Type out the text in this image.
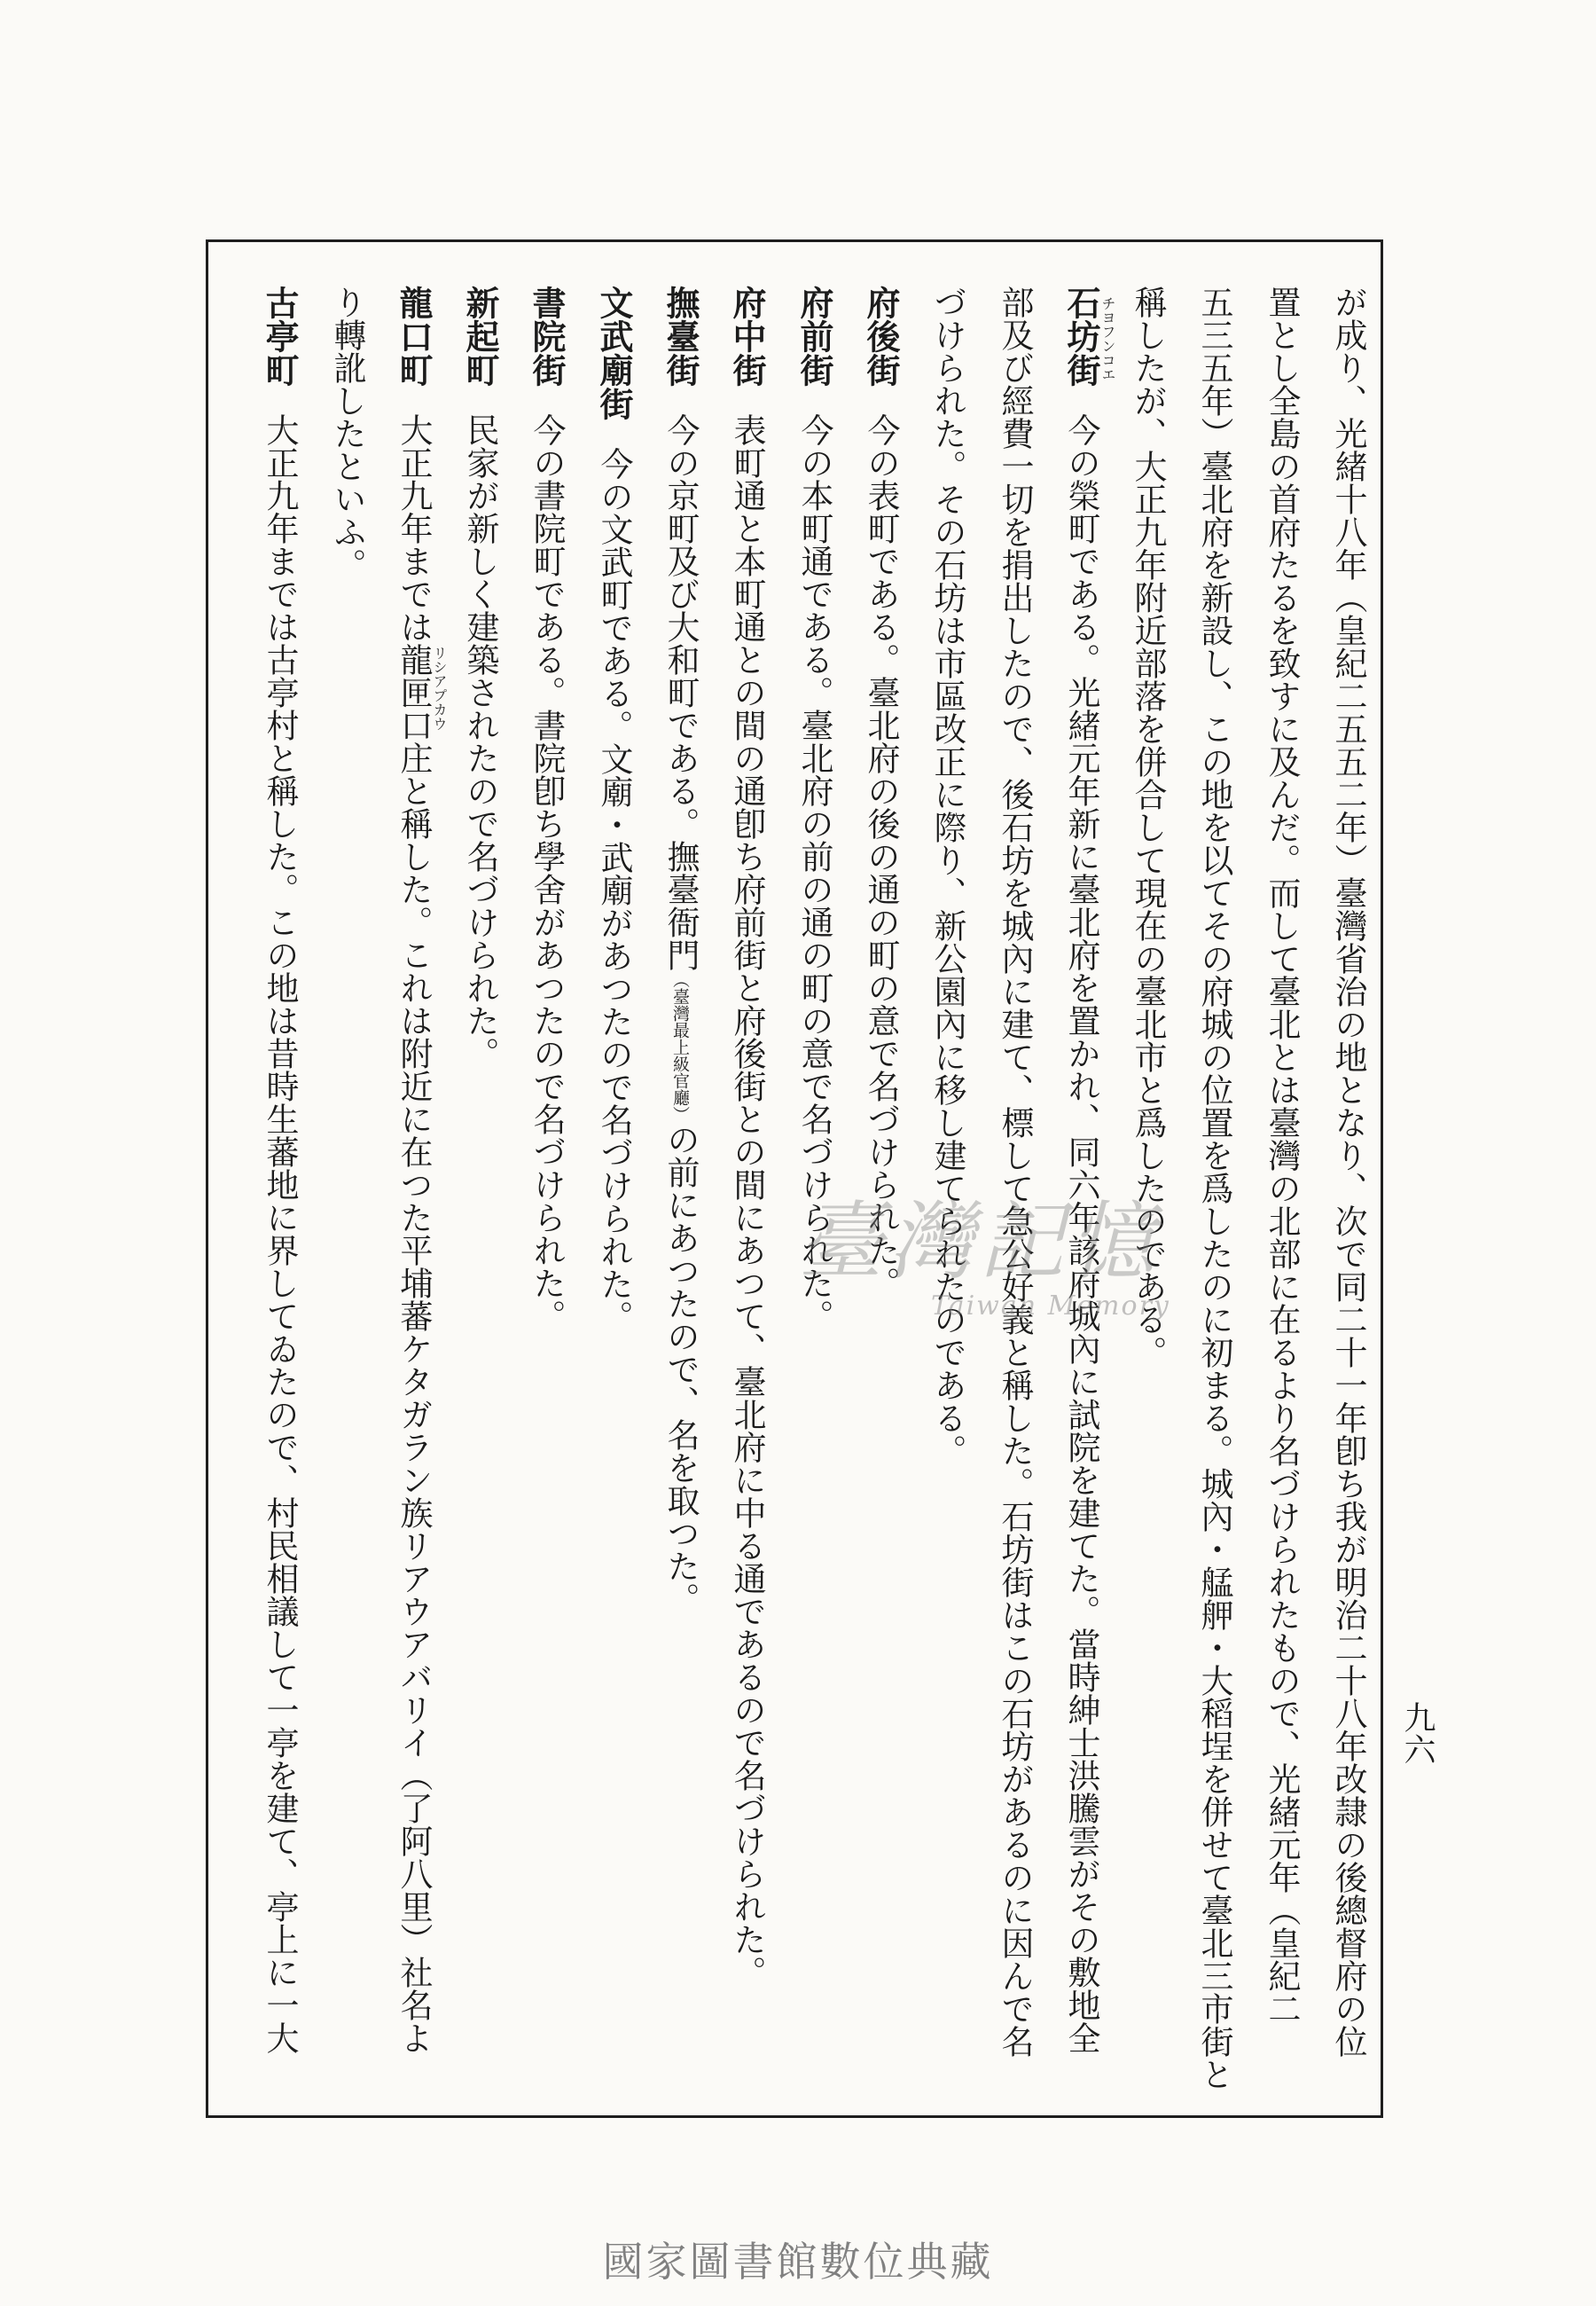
が成り、光緒十八年（皇紀二五五二年）臺灣省治の地となり、次で同二十一年卽ち我が明治二十八年改隷の後總督府の位
置とし全島の首府たるを致すに及んだ。而して臺北とは臺灣の北部に在るより名づけられたもので、光緒元年（皇紀二
五三五年）臺北府を新設し、この地を以てその府城の位置を爲したのに初まる。城內・艋舺・大稻埕を併せて臺北三市街と
稱したが、大正九年附近部落を併合して現在の臺北市と爲したのである。
石坊街今の榮町である。光緒元年新に臺北府を置かれ、同六年該府城內に試院を建てた。當時紳士洪騰雲がその敷地全
チヨフンコエ
部及び經費一切を捐出したので、後石坊を城內に建て、標して急公好義と稱した。石坊街はこの石坊があるのに因んで名
づけられた。その石坊は市區改正に際り、新公園內に移し建てられたのである。
府後街今の表町である。臺北府の後の通の町の意で名づけられた。
府前街今の本町通である。臺北府の前の通の町の意で名づけられた。
府中街表町通と本町通との間の通卽ち府前街と府後街との間にあつて、臺北府に中る通であるので名づけられた。
撫臺街今の京町及び大和町である。撫臺衙門（臺灣最上級官廳）の前にあつたので、名を取つた。
文武廟街今の文武町である。文廟・武廟があつたので名づけられた。
書院街今の書院町である。書院卽ち學舍があつたので名づけられた。
新起町民家が新しく建築されたので名づけられた。
龍口町大正九年までは龍匣口庄と稱した。これは附近に在つた平埔蕃ケタガラン族リアウアバリイ（了阿八里）社名よ
リシアプカウ
り轉訛したといふ。
古亭町大正九年までは古亭村と稱した。この地は昔時生蕃地に界してゐたので、村民相議して一亭を建て、亭上に一大	九六
臺灣記憶
Taiwan Memory
國家圖書館數位典藏
